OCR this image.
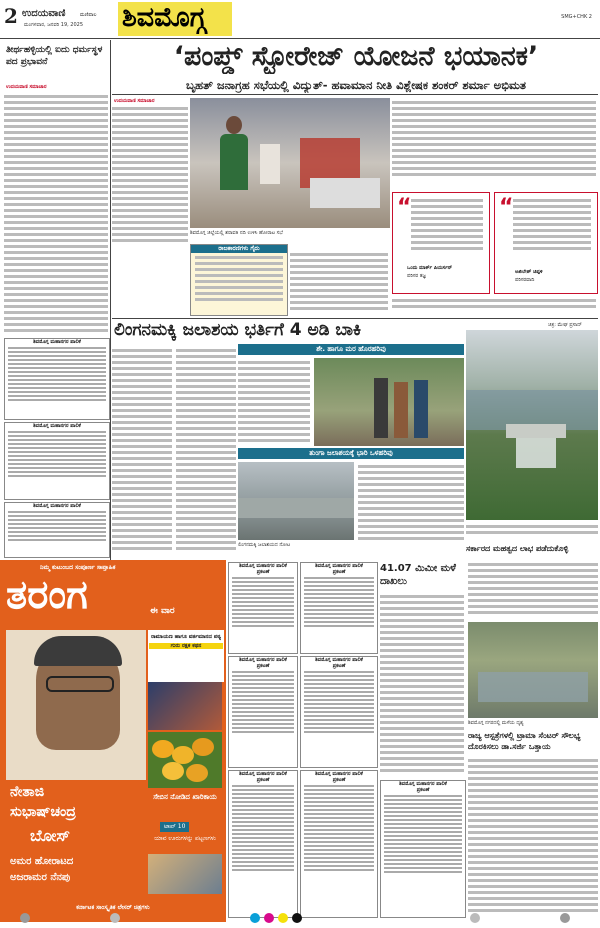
2 ಉದಯವಾಣಿ	ಮಣಿಪಾಲ
ಮಂಗಳವಾರ, ಜನವರಿ 19, 2025 ಶಿವಮೊಗ್ಗ	SMG+CHK 2
ತೀರ್ಥಹಳ್ಳಿಯಲ್ಲಿ ಐದು ಧರ್ಮಸ್ಥಳ ಪದ ಪ್ರಭಾವನೆ
ಉದಯವಾಣಿ ಸಮಾಚಾರ
ಶಿವಮೊಗ್ಗ ಮಹಾನಗರ ಪಾಲಿಕೆ
ಶಿವಮೊಗ್ಗ ಮಹಾನಗರ ಪಾಲಿಕೆ
ಶಿವಮೊಗ್ಗ ಮಹಾನಗರ ಪಾಲಿಕೆ
‘ಪಂಪ್ಡ್‌ ಸ್ಟೋರೇಜ್‌ ಯೋಜನೆ ಭಯಾನಕ’
ಬೃಹತ್‌ ಜನಾಗ್ರಹ ಸಭೆಯಲ್ಲಿ ವಿದ್ಯುತ್‌- ಹವಾಮಾನ ನೀತಿ ವಿಶ್ಲೇಷಕ ಶಂಕರ್‌ ಶರ್ಮಾ ಅಭಿಮತ
ಉದಯವಾಣಿ ಸಮಾಚಾರ
ಶಿವಮೊಗ್ಗ ಜಿಲ್ಲೆಯಲ್ಲಿ ಶರಾವತಿ ನದಿ ಉಳಿಸಿ ಹೋರಾಟ ಸಭೆ
“
ಒಂದು ಮಾರ್ಕ್ ಪಿಯರ್ಸನ್
ಪರಿಸರ ತಜ್ಞ
“
ಅಖಿಲೇಶ್ ಚಿಪ್ಪಳಿ
ಪರಿಸರವಾದಿ
ರಾಜಕಾರಣಿಗಳು ಗೈರು
ಲಿಂಗನಮಕ್ಕಿ ಜಲಾಶಯ ಭರ್ತಿಗೆ 4 ಅಡಿ ಬಾಕಿ	ಚಿತ್ರ: ಮೇಘ ಪ್ರಸಾದ್
ಶೇ. ಹಾಗೂ ಮರ ಹೊರಹರಿವು
ತುಂಗಾ ಜಲಾಶಯಕ್ಕೆ ಭಾರಿ ಒಳಹರಿವು
ಲಿಂಗನಮಕ್ಕಿ ಜಲಾಶಯದ ನೋಟ	ಸರ್ಕಾರದ ಮಹತ್ವದ ಲಾಭ ಪಡೆದುಕೊಳ್ಳಿ
ನಿಮ್ಮ ಕುಟುಂಬದ ಸಂಪೂರ್ಣ ಸಾಪ್ತಾಹಿಕ
ತರಂಗ	ಈ ವಾರ
ರಾಮಾಯಣ ಹಾಗೂ ವರ್ತಮಾನದ ಪಠ್ಯ
ಗುರು ರಕ್ಷಕ ಕಥನ
ಸೇಬಿನ ನೋಡಿದ ಖಾರಿಕಾಯ
ನೇತಾಜಿ
ಸುಭಾಷ್‌ಚಂದ್ರ
ಬೋಸ್
ಅಮರ ಹೋರಾಟದ
ಅಜರಾಮರ ನೆನಪು
ಟಾಪ್ 10
ಯಾವ ಊರುಗಳನ್ನು ಪಟ್ಟಣಗಳು
ಕರ್ನಾಟಕ ಸಾಂಸ್ಕೃತಿಕ ಲೇಸರ್ ಚಿತ್ರಗಳು
ಶಿವಮೊಗ್ಗ ಮಹಾನಗರ ಪಾಲಿಕೆ
ಪ್ರಕಟಣೆ
ಶಿವಮೊಗ್ಗ ಮಹಾನಗರ ಪಾಲಿಕೆ
ಪ್ರಕಟಣೆ
ಶಿವಮೊಗ್ಗ ಮಹಾನಗರ ಪಾಲಿಕೆ
ಪ್ರಕಟಣೆ
ಶಿವಮೊಗ್ಗ ಮಹಾನಗರ ಪಾಲಿಕೆ
ಪ್ರಕಟಣೆ
ಶಿವಮೊಗ್ಗ ಮಹಾನಗರ ಪಾಲಿಕೆ
ಪ್ರಕಟಣೆ
ಶಿವಮೊಗ್ಗ ಮಹಾನಗರ ಪಾಲಿಕೆ
ಪ್ರಕಟಣೆ
41.07 ಮಿಮೀ ಮಳೆ ದಾಖಲು
ಶಿವಮೊಗ್ಗ ಮಹಾನಗರ ಪಾಲಿಕೆ
ಪ್ರಕಟಣೆ
ಶಿವಮೊಗ್ಗ ನಗರದಲ್ಲಿ ಮಳೆಯ ದೃಶ್ಯ
ರಾಜ್ಯ ಆಸ್ಪತ್ರೆಗಳಲ್ಲಿ ಟ್ರಾಮಾ ಸೆಂಟರ್‌ ಸೌಲಭ್ಯ ದೊರಕಿಸಲು ಡಾ.ಸರ್ಜಿ ಒತ್ತಾಯ
